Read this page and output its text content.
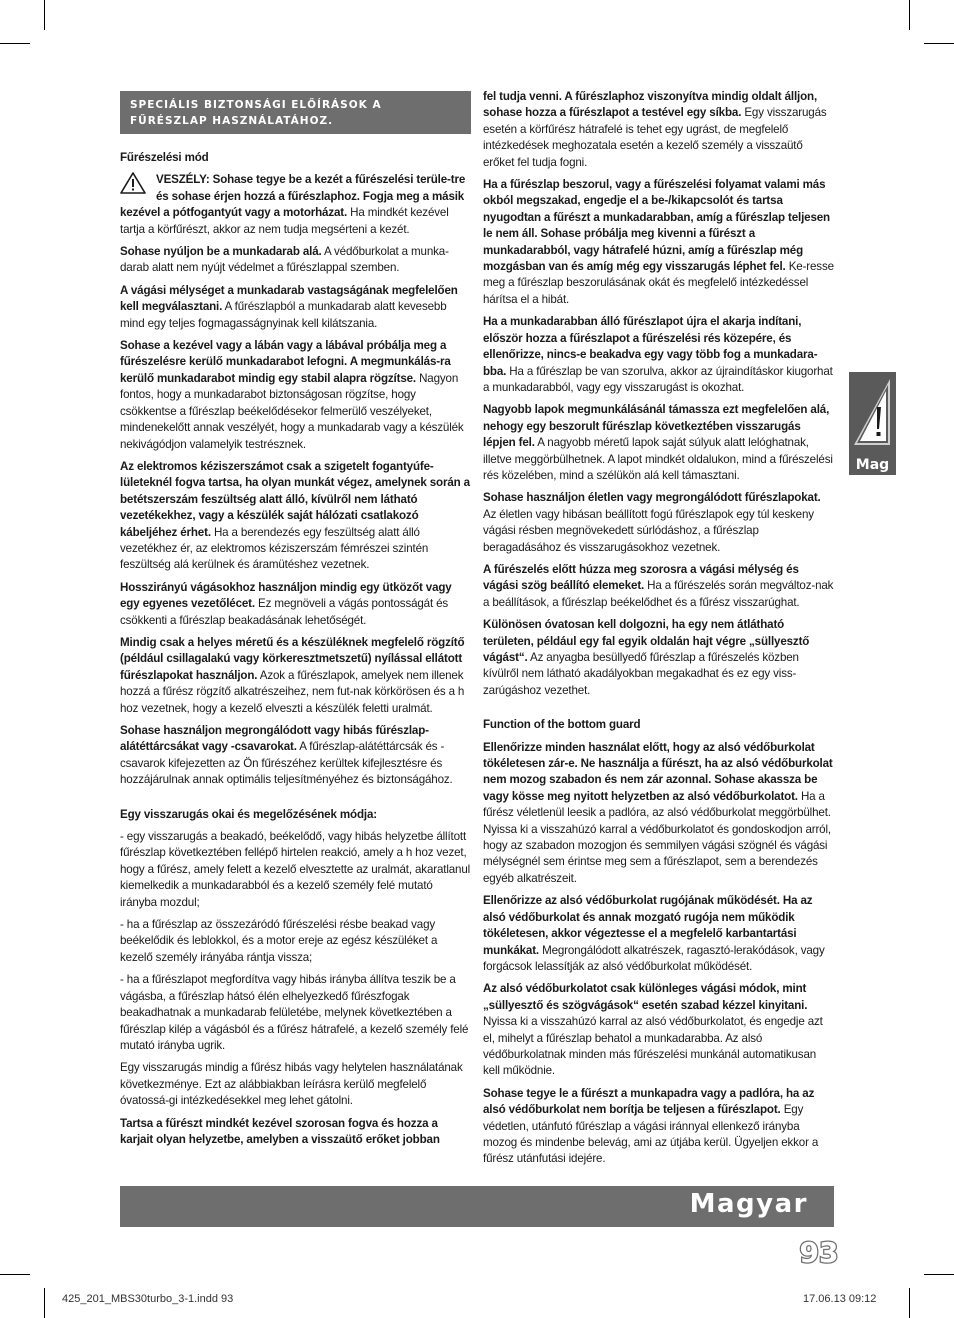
SPECIÁLIS BIZTONSÁGI ELŐÍRÁSOK A FŰRÉSZLAP HASZNÁLATÁHOZ.

Fűrészelési mód

VESZÉLY: Sohase tegye be a kezét a fűrészelési terüle-tre és sohase érjen hozzá a fűrészlaphoz. Fogja meg a másik kezével a pótfogantyút vagy a motorházat. Ha mindkét kezével tartja a körfűrészt, akkor az nem tudja megsérteni a kezét.

Sohase nyúljon be a munkadarab alá. A védőburkolat a munka-darab alatt nem nyújt védelmet a fűrészlappal szemben.

A vágási mélységet a munkadarab vastagságának megfelelően kell megválasztani. A fűrészlapból a munkadarab alatt kevesebb mind egy teljes fogmagasságnyinak kell kilátszania.

Sohase a kezével vagy a lábán vagy a lábával próbálja meg a fűrészelésre kerülő munkadarabot lefogni. A megmunkálás-ra kerülő munkadarabot mindig egy stabil alapra rögzítse. Nagyon fontos, hogy a munkadarabot biztonságosan rögzítse, hogy csökkentse a fűrészlap beékelődésekor felmerülő veszélyeket, mindenekelőtt annak veszélyét, hogy a munkadarab vagy a készülék nekivágódjon valamelyik testrésznek.

Az elektromos kéziszerszámot csak a szigetelt fogantyúfe-lületeknél fogva tartsa, ha olyan munkát végez, amelynek során a betétszerszám feszültség alatt álló, kívülről nem látható vezetékekhez, vagy a készülék saját hálózati csatlakozó kábeljéhez érhet. Ha a berendezés egy feszültség alatt álló vezetékhez ér, az elektromos kéziszerszám fémrészei szintén feszültség alá kerülnek és áramütéshez vezetnek.

Hosszirányú vágásokhoz használjon mindig egy ütközőt vagy egy egyenes vezetőlécet. Ez megnöveli a vágás pontosságát és csökkenti a fűrészlap beakadásának lehetőségét.

Mindig csak a helyes méretű és a készüléknek megfelelő rögzítő (például csillagalakú vagy körkeresztmetszetű) nyílással ellátott fűrészlapokat használjon. Azok a fűrészlapok, amelyek nem illenek hozzá a fűrész rögzítő alkatrészeihez, nem fut-nak körkörösen és a h hoz vezetnek, hogy a kezelő elveszti a készülék feletti uralmát.

Sohase használjon megrongálódott vagy hibás fűrészlap-alátéttárcsákat vagy -csavarokat. A fűrészlap-alátéttárcsák és -csavarok kifejezetten az Ön fűrészéhez kerültek kifejlesztésre és hozzájárulnak annak optimális teljesítményéhez és biztonságához.

Egy visszarugás okai és megelőzésének módja:

- egy visszarugás a beakadó, beékelődő, vagy hibás helyzetbe állított fűrészlap következtében fellépő hirtelen reakció, amely a h hoz vezet, hogy a fűrész, amely felett a kezelő elvesztette az uralmát, akaratlanul kiemelkedik a munkadarabból és a kezelő személy felé mutató irányba mozdul;

- ha a fűrészlap az összezáródó fűrészelési résbe beakad vagy beékelődik és leblokkol, és a motor ereje az egész készüléket a kezelő személy irányába rántja vissza;

- ha a fűrészlapot megfordítva vagy hibás irányba állítva teszik be a vágásba, a fűrészlap hátsó élén elhelyezkedő fűrészfogak beakadhatnak a munkadarab felületébe, melynek következtében a fűrészlap kilép a vágásból és a fűrész hátrafelé, a kezelő személy felé mutató irányba ugrik.

Egy visszarugás mindig a fűrész hibás vagy helytelen használatának következménye. Ezt az alábbiakban leírásra kerülő megfelelő óvatossá-gi intézkedésekkel meg lehet gátolni.

Tartsa a fűrészt mindkét kezével szorosan fogva és hozza a karjait olyan helyzetbe, amelyben a visszaütő erőket jobban

fel tudja venni. A fűrészlaphoz viszonyítva mindig oldalt álljon, sohase hozza a fűrészlapot a testével egy síkba. Egy visszarugás esetén a körfűrész hátrafelé is tehet egy ugrást, de megfelelő intézkedések meghozatala esetén a kezelő személy a visszaütő erőket fel tudja fogni.

Ha a fűrészlap beszorul, vagy a fűrészelési folyamat valami más okból megszakad, engedje el a be-/kikapcsolót és tartsa nyugodtan a fűrészt a munkadarabban, amíg a fűrészlap teljesen le nem áll. Sohase próbálja meg kivenni a fűrészt a munkadarabból, vagy hátrafelé húzni, amíg a fűrészlap még mozgásban van és amíg még egy visszarugás léphet fel. Ke-resse meg a fűrészlap beszorulásának okát és megfelelő intézkedéssel hárítsa el a hibát.

Ha a munkadarabban álló fűrészlapot újra el akarja indítani, először hozza a fűrészlapot a fűrészelési rés közepére, és ellenőrizze, nincs-e beakadva egy vagy több fog a munkadara-bba. Ha a fűrészlap be van szorulva, akkor az újraindításkor kiugorhat a munkadarabból, vagy egy visszarugást is okozhat.

Nagyobb lapok megmunkálásánál támassza ezt megfelelően alá, nehogy egy beszorult fűrészlap következtében visszarugás lépjen fel. A nagyobb méretű lapok saját súlyuk alatt lelóghatnak, illetve meggörbülhetnek. A lapot mindkét oldalukon, mind a fűrészelési rés közelében, mind a szélükön alá kell támasztani.

Sohase használjon életlen vagy megrongálódott fűrészlapokat. Az életlen vagy hibásan beállított fogú fűrészlapok egy túl keskeny vágási résben megnövekedett súrlódáshoz, a fűrészlap beragadásához és visszarugásokhoz vezetnek.

A fűrészelés előtt húzza meg szorosra a vágási mélység és vágási szög beállító elemeket. Ha a fűrészelés során megváltoz-nak a beállítások, a fűrészlap beékelődhet és a fűrész visszarúghat.

Különösen óvatosan kell dolgozni, ha egy nem átlátható területen, például egy fal egyik oldalán hajt végre „süllyesztő vágást“. Az anyagba besüllyedő fűrészlap a fűrészelés közben kívülről nem látható akadályokban megakadhat és ez egy viss-zarúgáshoz vezethet.

Function of the bottom guard

Ellenőrizze minden használat előtt, hogy az alsó védőburkolat tökéletesen zár-e. Ne használja a fűrészt, ha az alsó védőburkolat nem mozog szabadon és nem zár azonnal. Sohase akassza be vagy kösse meg nyitott helyzetben az alsó védőburkolatot. Ha a fűrész véletlenül leesik a padlóra, az alsó védőburkolat meggörbülhet. Nyissa ki a visszahúzó karral a védőburkolatot és gondoskodjon arról, hogy az szabadon mozogjon és semmilyen vágási szögnél és vágási mélységnél sem érintse meg sem a fűrészlapot, sem a berendezés egyéb alkatrészeit.

Ellenőrizze az alsó védőburkolat rugójának működését. Ha az alsó védőburkolat és annak mozgató rugója nem működik tökéletesen, akkor végeztesse el a megfelelő karbantartási munkákat. Megrongálódott alkatrészek, ragasztó-lerakódások, vagy forgácsok lelassítják az alsó védőburkolat működését.

Az alsó védőburkolatot csak különleges vágási módok, mint „süllyesztő és szögvágások“ esetén szabad kézzel kinyitani. Nyissa ki a visszahúzó karral az alsó védőburkolatot, és engedje azt el, mihelyt a fűrészlap behatol a munkadarabba. Az alsó védőburkolatnak minden más fűrészelési munkánál automatikusan kell működnie.

Sohase tegye le a fűrészt a munkapadra vagy a padlóra, ha az alsó védőburkolat nem borítja be teljesen a fűrészlapot. Egy védetlen, utánfutó fűrészlap a vágási iránnyal ellenkező irányba mozog és mindenbe belevág, ami az útjába kerül. Ügyeljen ekkor a fűrész utánfutási idejére.

Mag
Magyar
93
425_201_MBS30turbo_3-1.indd 93	17.06.13 09:12
